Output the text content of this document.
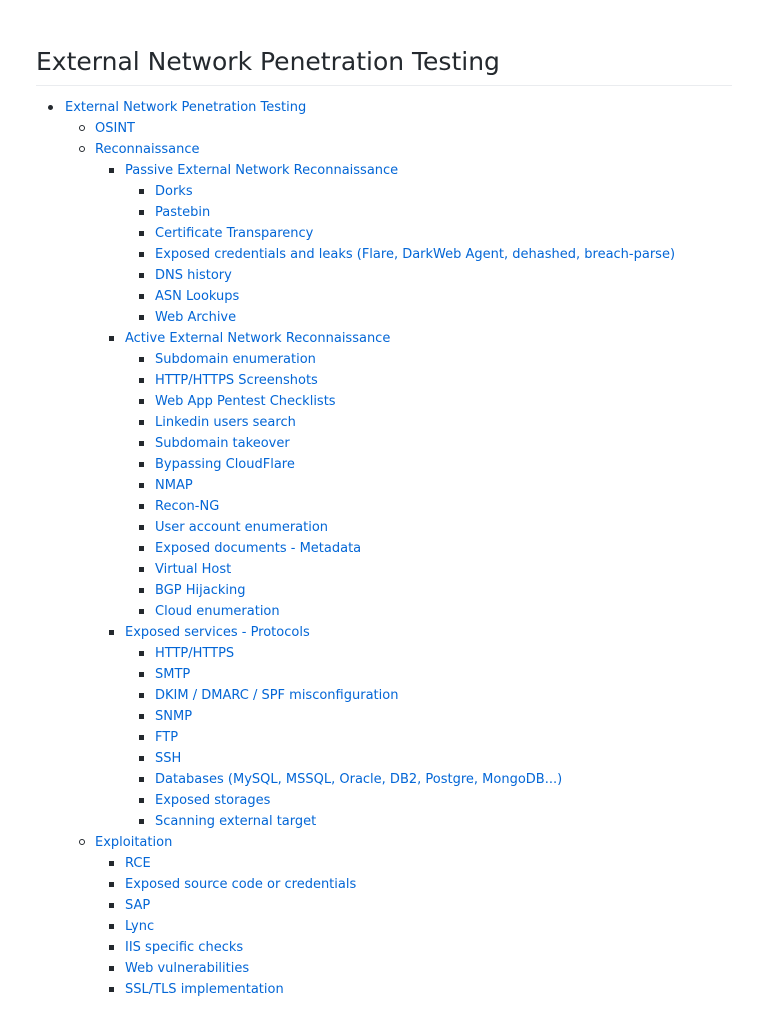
External Network Penetration Testing
External Network Penetration Testing
OSINT
Reconnaissance
Passive External Network Reconnaissance
Dorks
Pastebin
Certificate Transparency
Exposed credentials and leaks (Flare, DarkWeb Agent, dehashed, breach-parse)
DNS history
ASN Lookups
Web Archive
Active External Network Reconnaissance
Subdomain enumeration
HTTP/HTTPS Screenshots
Web App Pentest Checklists
Linkedin users search
Subdomain takeover
Bypassing CloudFlare
NMAP
Recon-NG
User account enumeration
Exposed documents - Metadata
Virtual Host
BGP Hijacking
Cloud enumeration
Exposed services - Protocols
HTTP/HTTPS
SMTP
DKIM / DMARC / SPF misconfiguration
SNMP
FTP
SSH
Databases (MySQL, MSSQL, Oracle, DB2, Postgre, MongoDB...)
Exposed storages
Scanning external target
Exploitation
RCE
Exposed source code or credentials
SAP
Lync
IIS specific checks
Web vulnerabilities
SSL/TLS implementation
